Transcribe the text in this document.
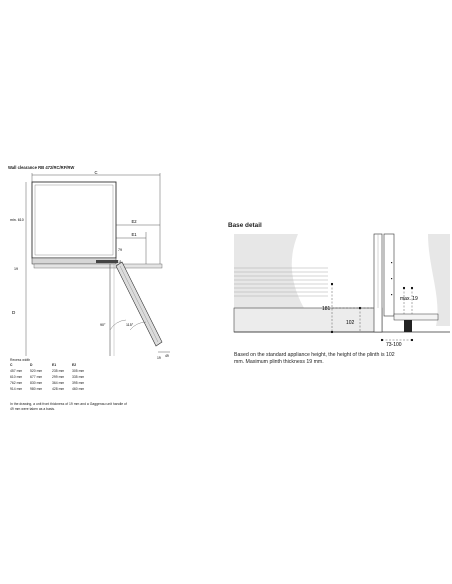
Wall clearance RB 472/RC/RF/RW
C
E2
E1
min. 610
D
19
79
11
90°	115°
19 49
Recess width
C	D	E1	E2
457 mm 520 mm	235 mm 305 mm
610 mm 677 mm	299 mm 335 mm
762 mm 830 mm	364 mm 395 mm
914 mm 980 mm	428 mm 460 mm
In the drawing, a unit front thickness of 19 mm and a Gaggenau unit handle of 49 mm were taken as a basis.
Base detail
181
102
max. 19
73-100
Based on the standard appliance height, the height of the plinth is 102 mm. Maximum plinth thickness 19 mm.
